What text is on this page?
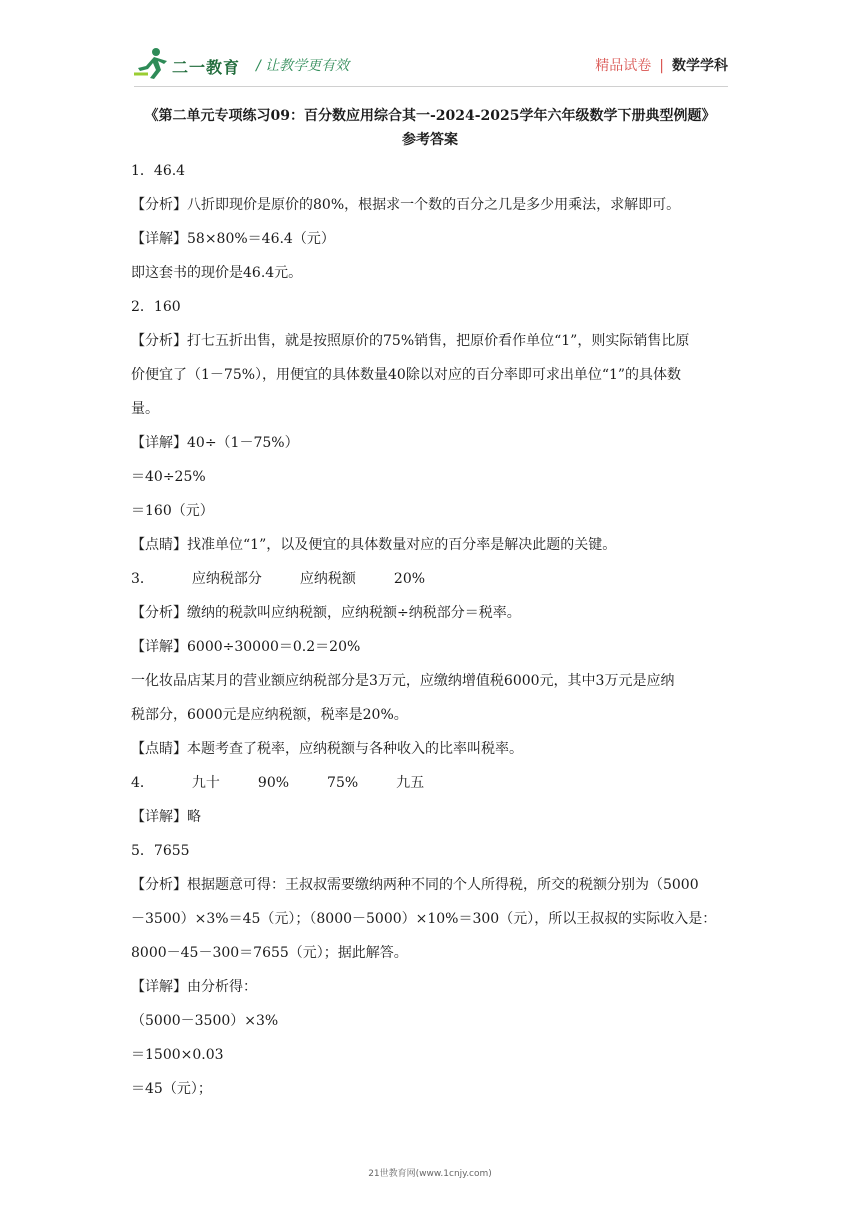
二一教育 / 让教学更有效	精品试卷 | 数学学科
《第二单元专项练习09：百分数应用综合其一-2024-2025学年六年级数学下册典型例题》
参考答案
1．46.4
【分析】八折即现价是原价的80%，根据求一个数的百分之几是多少用乘法，求解即可。
【详解】58×80%＝46.4（元）
即这套书的现价是46.4元。
2．160
【分析】打七五折出售，就是按照原价的75%销售，把原价看作单位“1”，则实际销售比原
价便宜了（1－75%），用便宜的具体数量40除以对应的百分率即可求出单位“1”的具体数
量。
【详解】40÷（1－75%）
＝40÷25%
＝160（元）
【点睛】找准单位“1”，以及便宜的具体数量对应的百分率是解决此题的关键。
3．	应纳税部分	应纳税额	20%
【分析】缴纳的税款叫应纳税额，应纳税额÷纳税部分＝税率。
【详解】6000÷30000＝0.2＝20%
一化妆品店某月的营业额应纳税部分是3万元，应缴纳增值税6000元，其中3万元是应纳
税部分，6000元是应纳税额，税率是20%。
【点睛】本题考查了税率，应纳税额与各种收入的比率叫税率。
4．	九十	90%	75%	九五
【详解】略
5．7655
【分析】根据题意可得：王叔叔需要缴纳两种不同的个人所得税，所交的税额分别为（5000
－3500）×3%＝45（元）；（8000－5000）×10%＝300（元），所以王叔叔的实际收入是：
8000－45－300＝7655（元）；据此解答。
【详解】由分析得：
（5000－3500）×3%
＝1500×0.03
＝45（元）；
21世教育网(www.1cnjy.com)
